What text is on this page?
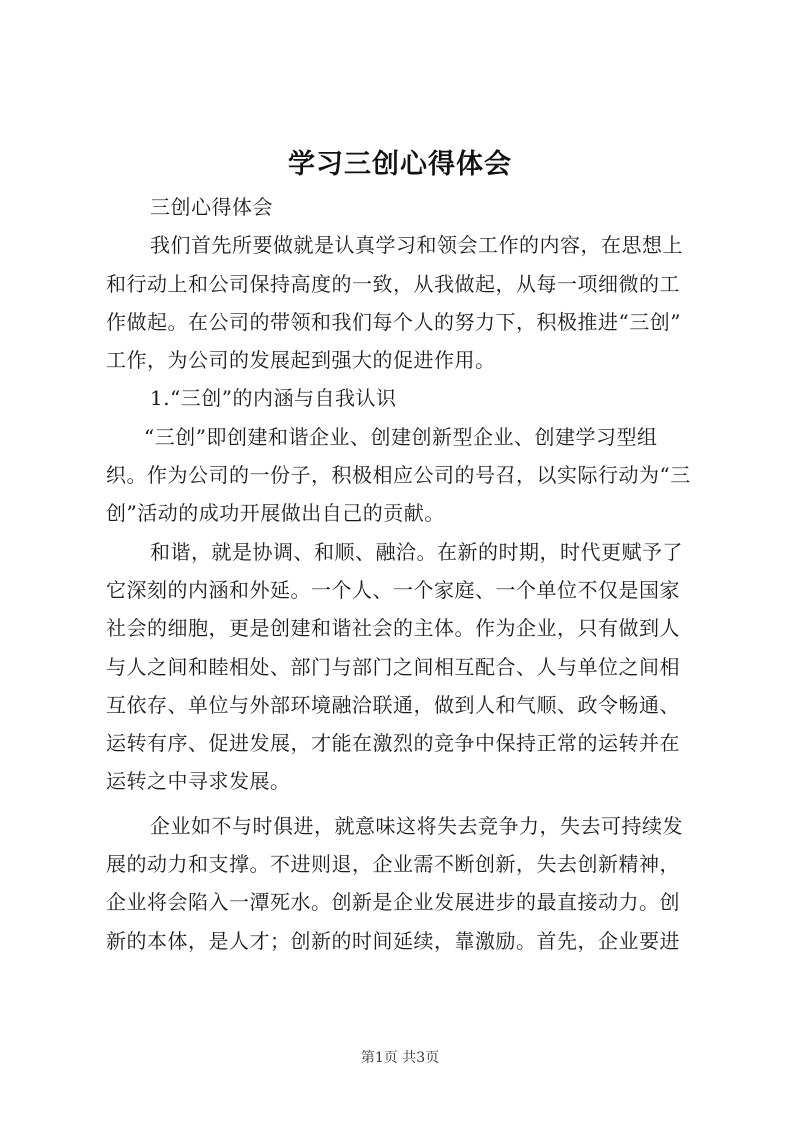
学习三创心得体会
三创心得体会
我们首先所要做就是认真学习和领会工作的内容，在思想上
和行动上和公司保持高度的一致，从我做起，从每一项细微的工
作做起。在公司的带领和我们每个人的努力下，积极推进“三创”
工作，为公司的发展起到强大的促进作用。
1.“三创”的内涵与自我认识
“三创”即创建和谐企业、创建创新型企业、创建学习型组
织。作为公司的一份子，积极相应公司的号召，以实际行动为“三
创”活动的成功开展做出自己的贡献。
和谐，就是协调、和顺、融洽。在新的时期，时代更赋予了
它深刻的内涵和外延。一个人、一个家庭、一个单位不仅是国家
社会的细胞，更是创建和谐社会的主体。作为企业，只有做到人
与人之间和睦相处、部门与部门之间相互配合、人与单位之间相
互依存、单位与外部环境融洽联通，做到人和气顺、政令畅通、
运转有序、促进发展，才能在激烈的竞争中保持正常的运转并在
运转之中寻求发展。
企业如不与时俱进，就意味这将失去竞争力，失去可持续发
展的动力和支撑。不进则退，企业需不断创新，失去创新精神，
企业将会陷入一潭死水。创新是企业发展进步的最直接动力。创
新的本体，是人才；创新的时间延续，靠激励。首先，企业要进
第1页 共3页
